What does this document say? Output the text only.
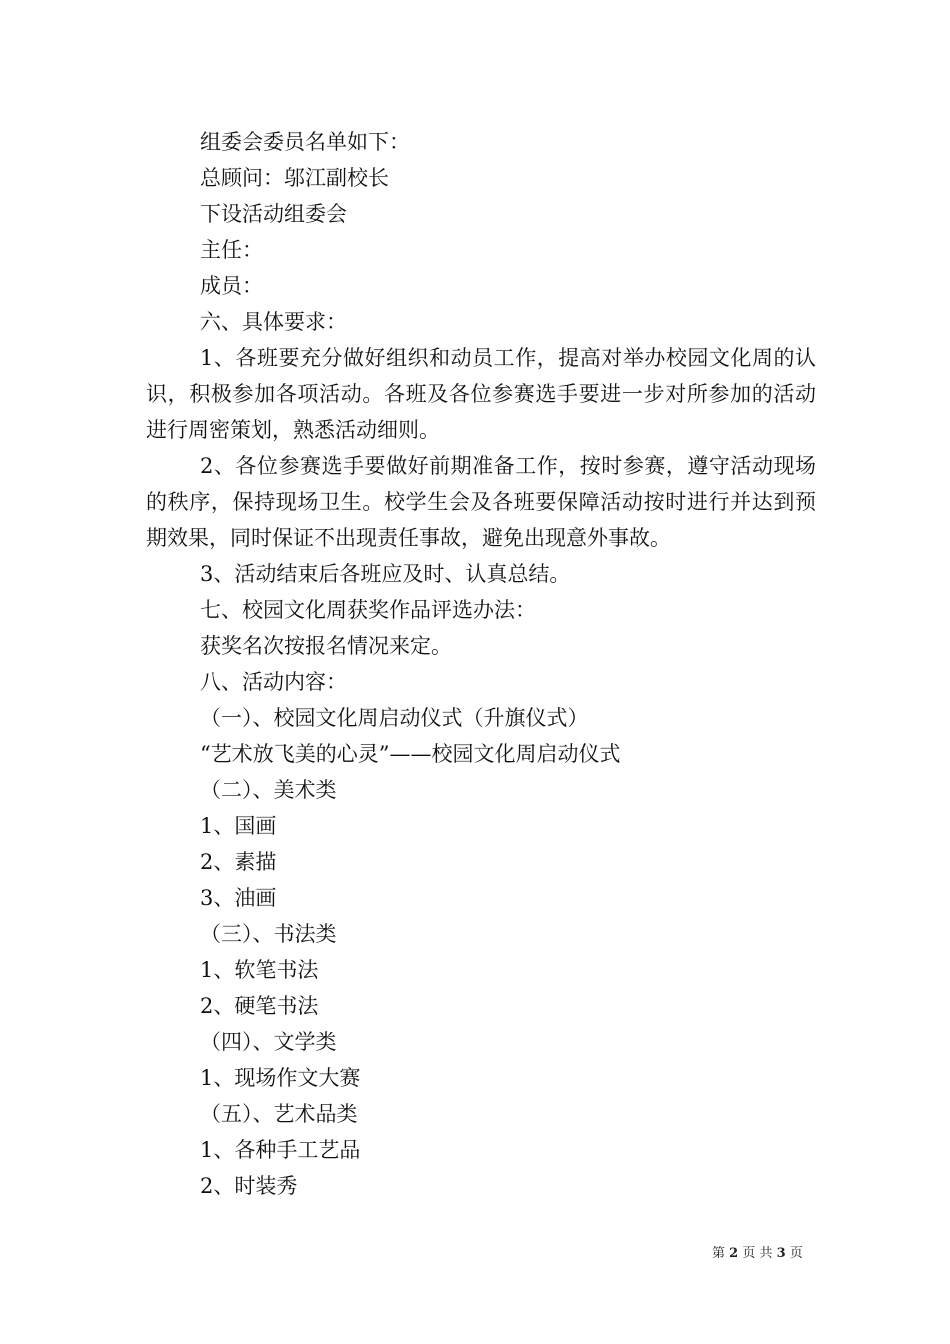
组委会委员名单如下：
总顾问：邬江副校长
下设活动组委会
主任：
成员：
六、具体要求：
1、各班要充分做好组织和动员工作，提高对举办校园文化周的认识，积极参加各项活动。各班及各位参赛选手要进一步对所参加的活动进行周密策划，熟悉活动细则。
2、各位参赛选手要做好前期准备工作，按时参赛，遵守活动现场的秩序，保持现场卫生。校学生会及各班要保障活动按时进行并达到预期效果，同时保证不出现责任事故，避免出现意外事故。
3、活动结束后各班应及时、认真总结。
七、校园文化周获奖作品评选办法：
获奖名次按报名情况来定。
八、活动内容：
（一）、校园文化周启动仪式（升旗仪式）
“艺术放飞美的心灵”——校园文化周启动仪式
（二）、美术类
1、国画
2、素描
3、油画
（三）、书法类
1、软笔书法
2、硬笔书法
（四）、文学类
1、现场作文大赛
（五）、艺术品类
1、各种手工艺品
2、时装秀
第 2 页 共 3 页
